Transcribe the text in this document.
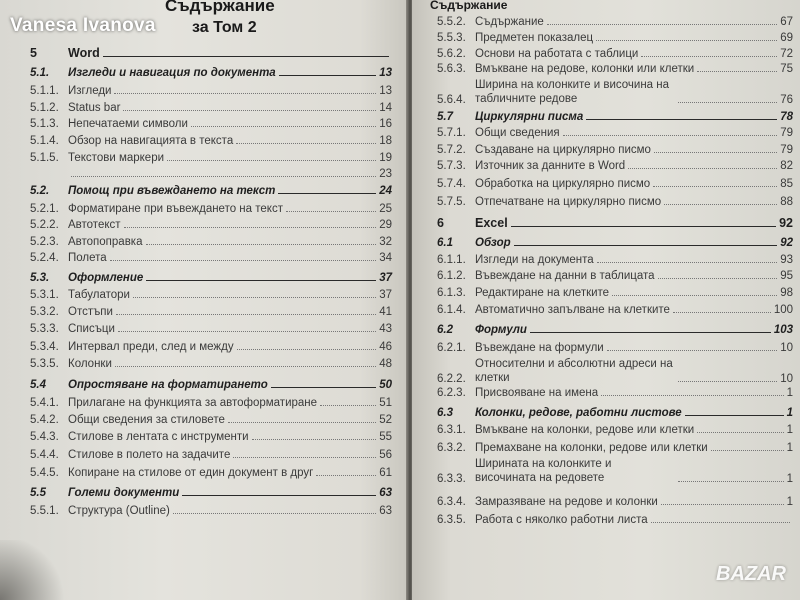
Съдържание
за Том 2
5	Word
5.1.	Изгледи и навигация по документа	13
5.1.1. Изгледи	13
5.1.2. Status bar	14
5.1.3. Непечатаеми символи	16
5.1.4. Обзор на навигацията в текста	18
5.1.5. Текстови маркери	19
23
5.2.	Помощ при въвеждането на текст	24
5.2.1. Форматиране при въвеждането на текст	25
5.2.2. Автотекст	29
5.2.3. Автопоправка	32
5.2.4. Полета	34
5.3.	Оформление	37
5.3.1. Табулатори	37
5.3.2. Отстъпи	41
5.3.3. Списъци	43
5.3.4. Интервал преди, след и между	46
5.3.5. Колонки	48
5.4	Опростяване на форматирането	50
5.4.1. Прилагане на функцията за автоформатиране	51
5.4.2. Общи сведения за стиловете	52
5.4.3. Стилове в лентата с инструменти	55
5.4.4. Стилове в полето на задачите	56
5.4.5. Копиране на стилове от един документ в друг	61
5.5	Големи документи	63
5.5.1. Структура (Outline)	63
Съдържание
5.5.2. Съдържание	67
5.5.3. Предметен показалец	69
5.6.2. Основи на работата с таблици	72
5.6.3. Вмъкване на редове, колонки или клетки	75
5.6.4.
Ширина на колонките и височина на табличните редове	76
5.7	Циркулярни писма	78
5.7.1. Общи сведения	79
5.7.2. Създаване на циркулярно писмо	79
5.7.3. Източник за данните в Word	82
5.7.4. Обработка на циркулярно писмо	85
5.7.5. Отпечатване на циркулярно писмо	88
6	Excel	92
6.1	Обзор	92
6.1.1. Изгледи на документа	93
6.1.2. Въвеждане на данни в таблицата	95
6.1.3. Редактиране на клетките	98
6.1.4. Автоматично запълване на клетките	100
6.2	Формули	103
6.2.1. Въвеждане на формули	10
6.2.2.
Относителни и абсолютни адреси на клетки	10
6.2.3. Присвояване на имена	1
6.3	Колонки, редове, работни листове	1
6.3.1. Вмъкване на колонки, редове или клетки	1
6.3.2. Премахване на колонки, редове или клетки	1
6.3.3.
Ширината на колонките и височината на редовете	1
6.3.4. Замразяване на редове и колонки	1
6.3.5. Работа с няколко работни листа
Vanesa Ivanova
BAZAR
